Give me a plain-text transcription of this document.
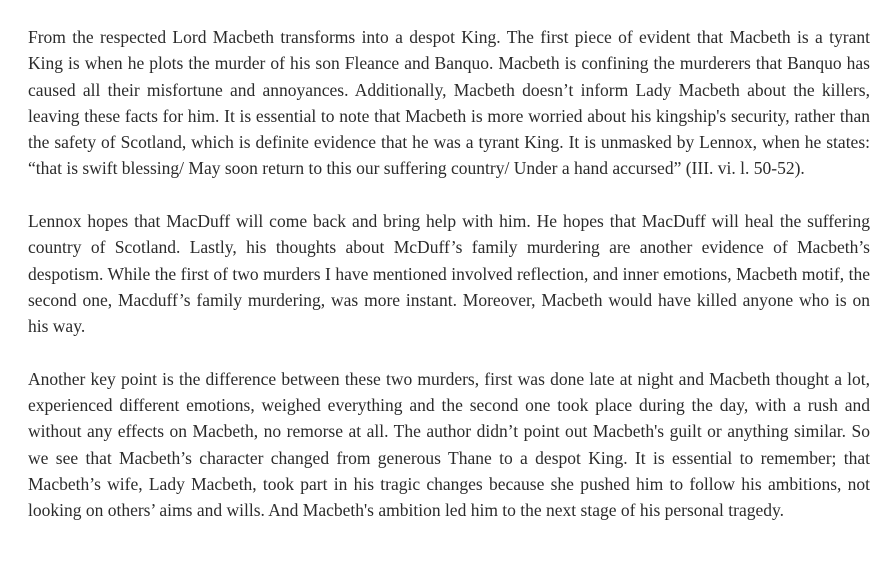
From the respected Lord Macbeth transforms into a despot King. The first piece of evident that Macbeth is a tyrant King is when he plots the murder of his son Fleance and Banquo. Macbeth is confining the murderers that Banquo has caused all their misfortune and annoyances. Additionally, Macbeth doesn’t inform Lady Macbeth about the killers, leaving these facts for him. It is essential to note that Macbeth is more worried about his kingship's security, rather than the safety of Scotland, which is definite evidence that he was a tyrant King. It is unmasked by Lennox, when he states: “that is swift blessing/ May soon return to this our suffering country/ Under a hand accursed” (III. vi. l. 50-52).

Lennox hopes that MacDuff will come back and bring help with him. He hopes that MacDuff will heal the suffering country of Scotland. Lastly, his thoughts about McDuff’s family murdering are another evidence of Macbeth’s despotism. While the first of two murders I have mentioned involved reflection, and inner emotions, Macbeth motif, the second one, Macduff’s family murdering, was more instant. Moreover, Macbeth would have killed anyone who is on his way.

Another key point is the difference between these two murders, first was done late at night and Macbeth thought a lot, experienced different emotions, weighed everything and the second one took place during the day, with a rush and without any effects on Macbeth, no remorse at all. The author didn’t point out Macbeth's guilt or anything similar. So we see that Macbeth’s character changed from generous Thane to a despot King. It is essential to remember; that Macbeth’s wife, Lady Macbeth, took part in his tragic changes because she pushed him to follow his ambitions, not looking on others’ aims and wills. And Macbeth's ambition led him to the next stage of his personal tragedy.
